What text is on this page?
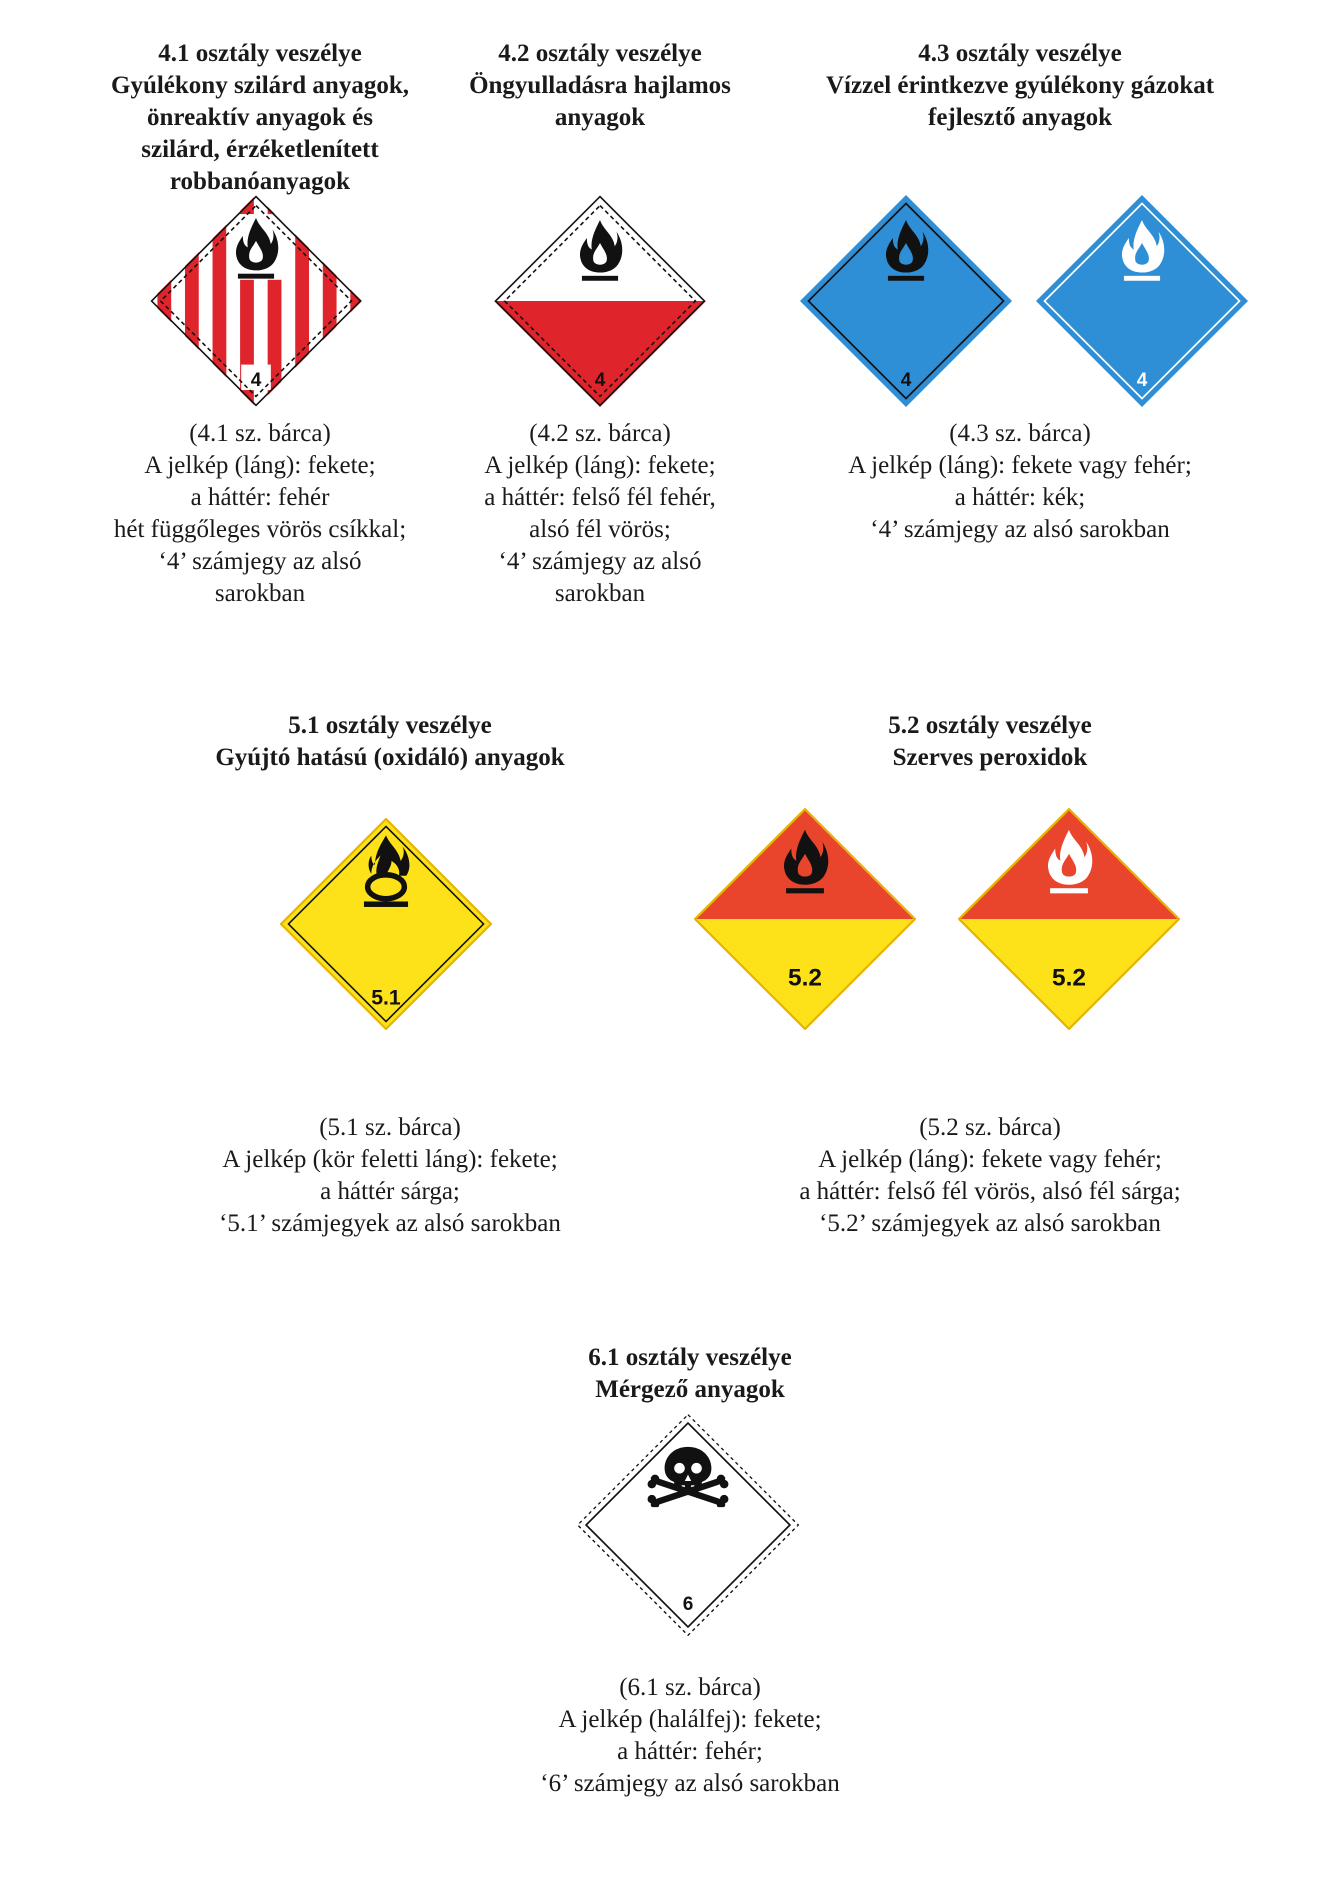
4.1 osztály veszélye
Gyúlékony szilárd anyagok,
önreaktív anyagok és
szilárd, érzéketlenített
robbanóanyagok
4
(4.1 sz. bárca)
A jelkép (láng): fekete;
a háttér: fehér
hét függőleges vörös csíkkal;
‘4’ számjegy az alsó
sarokban
4.2 osztály veszélye
Öngyulladásra hajlamos
anyagok
4
(4.2 sz. bárca)
A jelkép (láng): fekete;
a háttér: felső fél fehér,
alsó fél vörös;
‘4’ számjegy az alsó
sarokban
4.3 osztály veszélye
Vízzel érintkezve gyúlékony gázokat
fejlesztő anyagok
4	4
(4.3 sz. bárca)
A jelkép (láng): fekete vagy fehér;
a háttér: kék;
‘4’ számjegy az alsó sarokban
5.1 osztály veszélye
Gyújtó hatású (oxidáló) anyagok
5.1
(5.1 sz. bárca)
A jelkép (kör feletti láng): fekete;
a háttér sárga;
‘5.1’ számjegyek az alsó sarokban
5.2 osztály veszélye
Szerves peroxidok
5.2	5.2
(5.2 sz. bárca)
A jelkép (láng): fekete vagy fehér;
a háttér: felső fél vörös, alsó fél sárga;
‘5.2’ számjegyek az alsó sarokban
6.1 osztály veszélye
Mérgező anyagok
6
(6.1 sz. bárca)
A jelkép (halálfej): fekete;
a háttér: fehér;
‘6’ számjegy az alsó sarokban
